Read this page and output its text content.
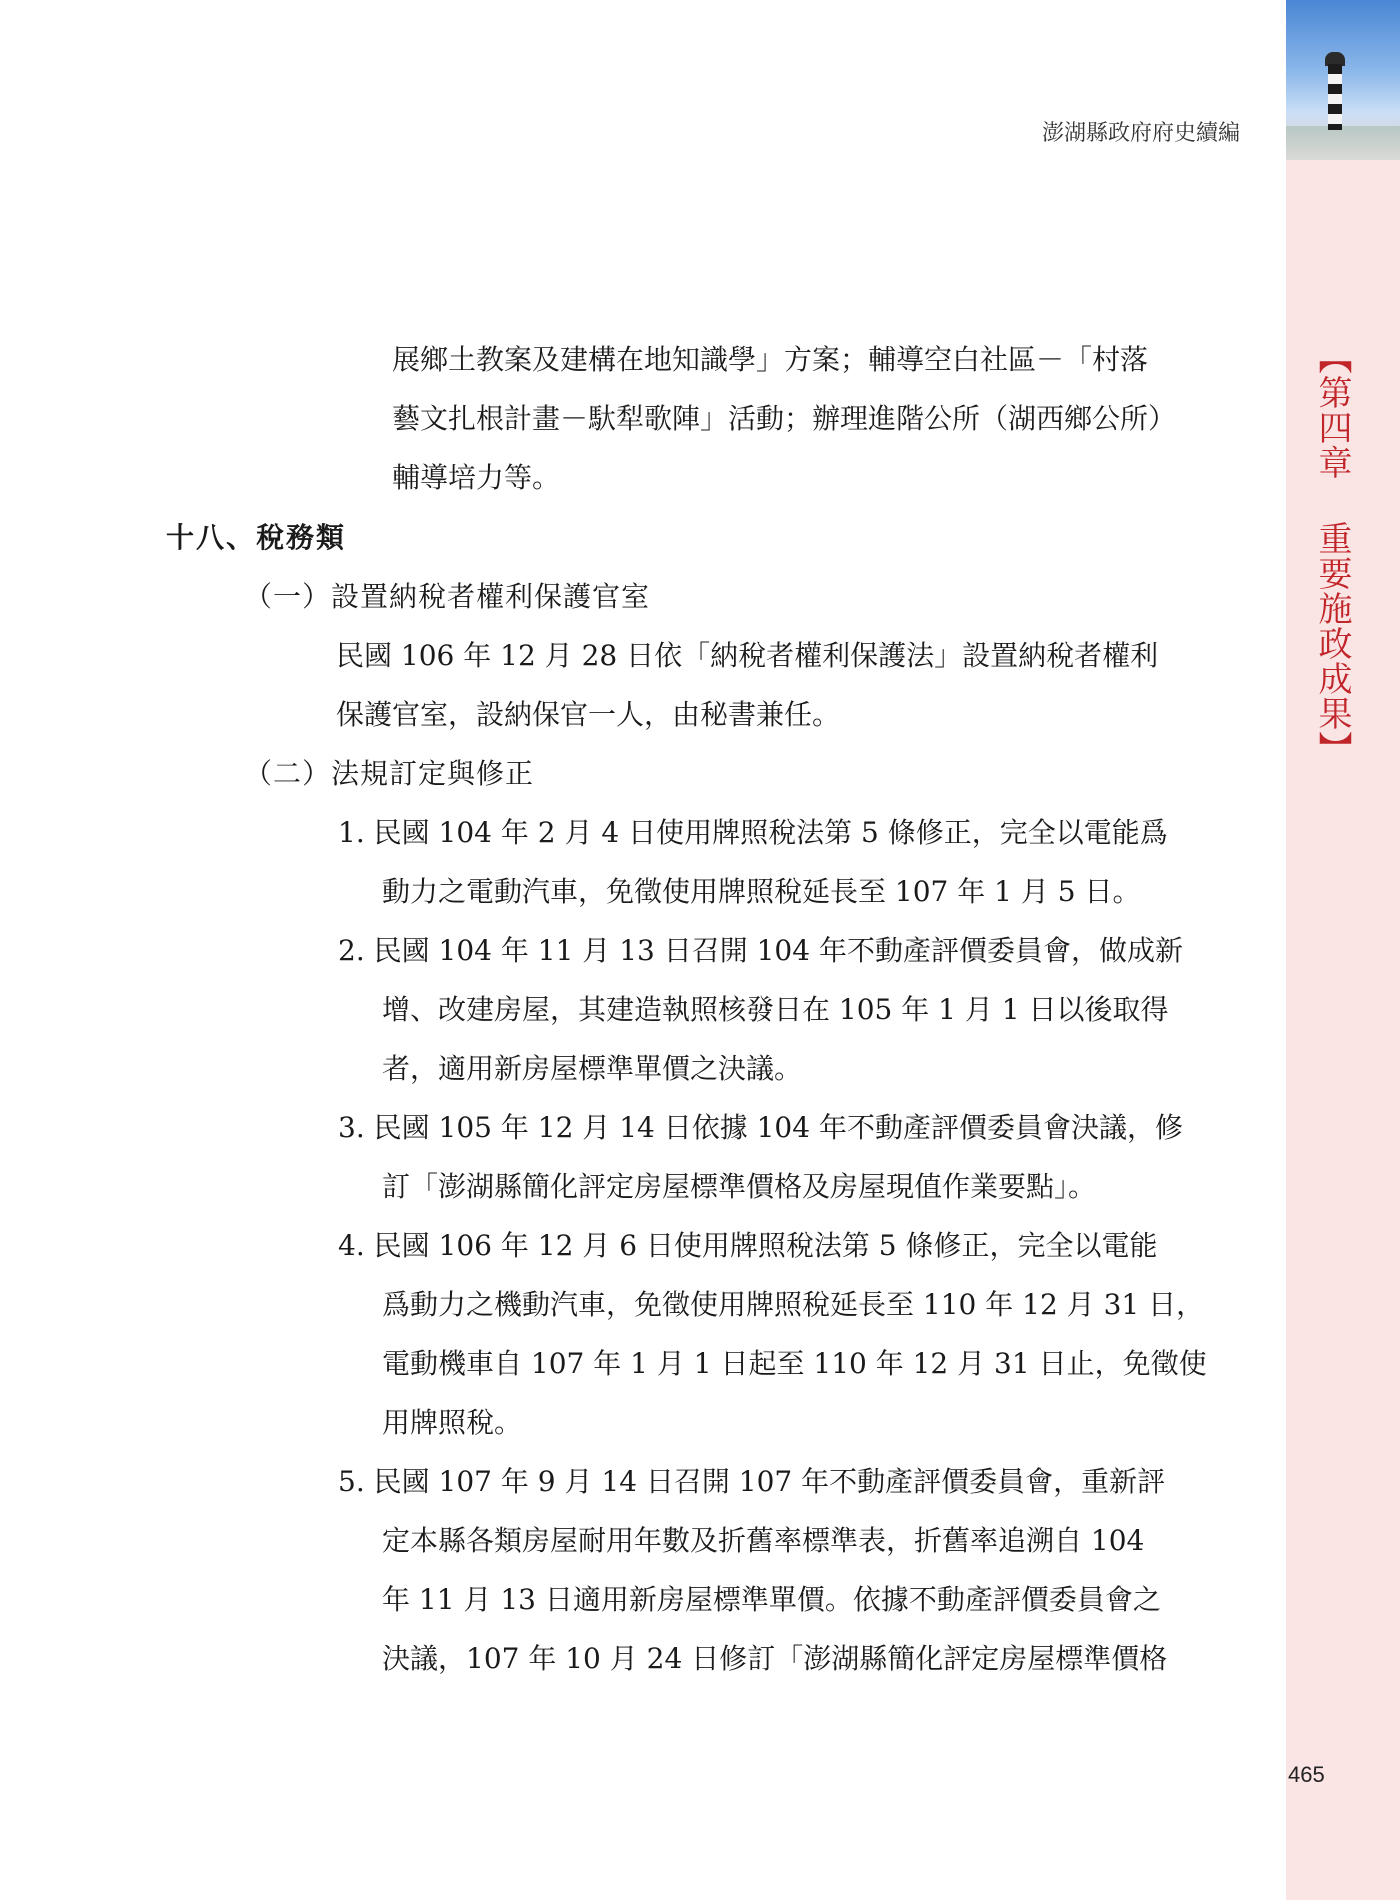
【第四章 重要施政成果】
澎湖縣政府府史續編
展鄉土教案及建構在地知識學」方案；輔導空白社區－「村落
藝文扎根計畫－馱犁歌陣」活動；辦理進階公所（湖西鄉公所）
輔導培力等。
十八、稅務類
（一）設置納稅者權利保護官室
民國 106 年 12 月 28 日依「納稅者權利保護法」設置納稅者權利
保護官室，設納保官一人，由秘書兼任。
（二）法規訂定與修正
1. 民國 104 年 2 月 4 日使用牌照稅法第 5 條修正，完全以電能爲
動力之電動汽車，免徵使用牌照稅延長至 107 年 1 月 5 日。
2. 民國 104 年 11 月 13 日召開 104 年不動產評價委員會，做成新
增、改建房屋，其建造執照核發日在 105 年 1 月 1 日以後取得
者，適用新房屋標準單價之決議。
3. 民國 105 年 12 月 14 日依據 104 年不動產評價委員會決議，修
訂「澎湖縣簡化評定房屋標準價格及房屋現值作業要點」。
4. 民國 106 年 12 月 6 日使用牌照稅法第 5 條修正，完全以電能
爲動力之機動汽車，免徵使用牌照稅延長至 110 年 12 月 31 日，
電動機車自 107 年 1 月 1 日起至 110 年 12 月 31 日止，免徵使
用牌照稅。
5. 民國 107 年 9 月 14 日召開 107 年不動產評價委員會，重新評
定本縣各類房屋耐用年數及折舊率標準表，折舊率追溯自 104
年 11 月 13 日適用新房屋標準單價。依據不動產評價委員會之
決議，107 年 10 月 24 日修訂「澎湖縣簡化評定房屋標準價格
465
